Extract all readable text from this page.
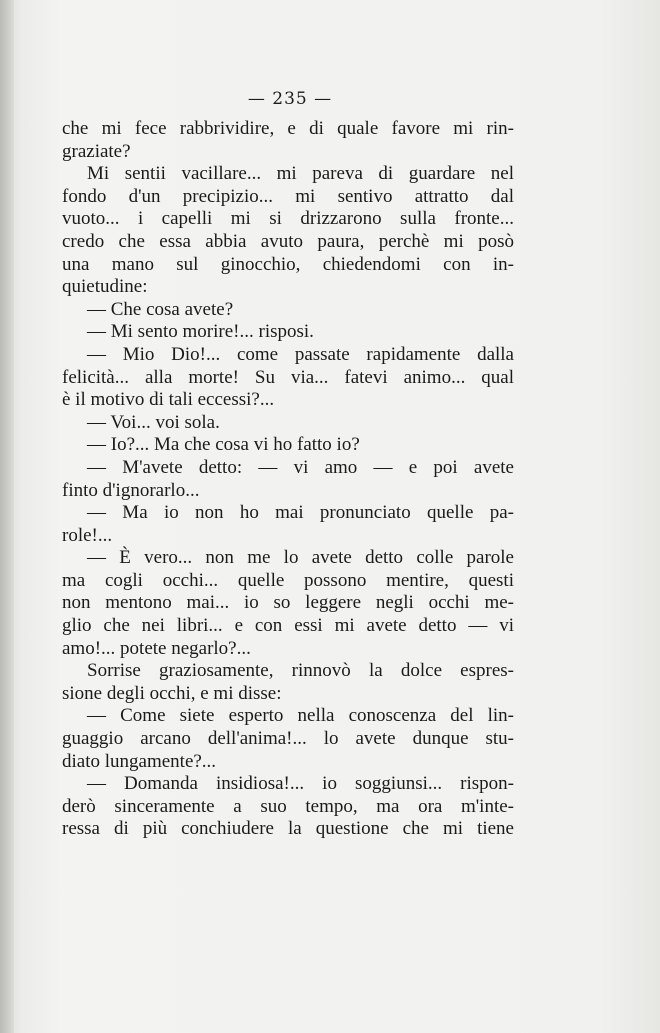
— 235 —
che mi fece rabbrividire, e di quale favore mi rin-
graziate?
Mi sentii vacillare... mi pareva di guardare nel
fondo d'un precipizio... mi sentivo attratto dal
vuoto... i capelli mi si drizzarono sulla fronte...
credo che essa abbia avuto paura, perchè mi posò
una mano sul ginocchio, chiedendomi con in-
quietudine:
— Che cosa avete?
— Mi sento morire!... risposi.
— Mio Dio!... come passate rapidamente dalla
felicità... alla morte! Su via... fatevi animo... qual
è il motivo di tali eccessi?...
— Voi... voi sola.
— Io?... Ma che cosa vi ho fatto io?
— M'avete detto: — vi amo — e poi avete
finto d'ignorarlo...
— Ma io non ho mai pronunciato quelle pa-
role!...
— È vero... non me lo avete detto colle parole
ma cogli occhi... quelle possono mentire, questi
non mentono mai... io so leggere negli occhi me-
glio che nei libri... e con essi mi avete detto — vi
amo!... potete negarlo?...
Sorrise graziosamente, rinnovò la dolce espres-
sione degli occhi, e mi disse:
— Come siete esperto nella conoscenza del lin-
guaggio arcano dell'anima!... lo avete dunque stu-
diato lungamente?...
— Domanda insidiosa!... io soggiunsi... rispon-
derò sinceramente a suo tempo, ma ora m'inte-
ressa di più conchiudere la questione che mi tiene
